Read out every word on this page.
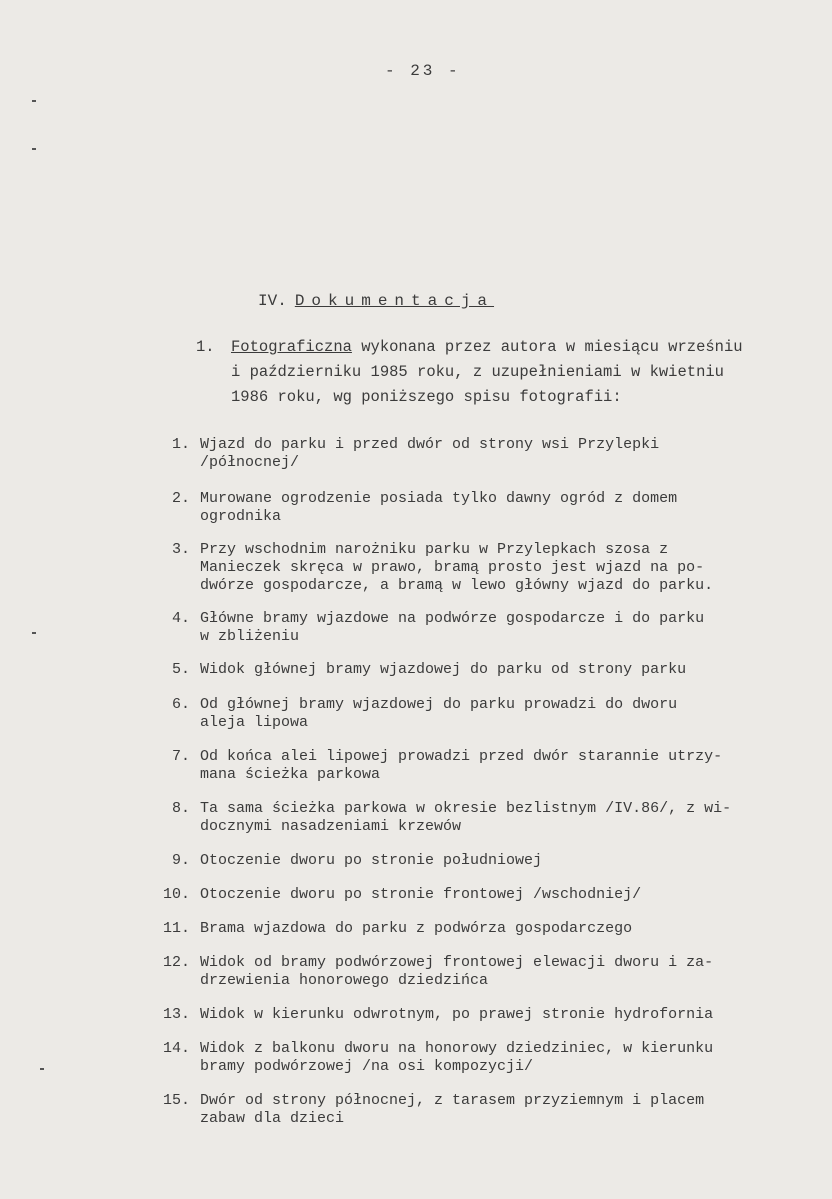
- 23 -
IV. Dokumentacja
1. Fotograficzna wykonana przez autora w miesiącu wrześniu
i październiku 1985 roku, z uzupełnieniami w kwietniu
1986 roku, wg poniższego spisu fotografii:
1. Wjazd do parku i przed dwór od strony wsi Przylepki
/północnej/
2. Murowane ogrodzenie posiada tylko dawny ogród z domem
ogrodnika
3. Przy wschodnim narożniku parku w Przylepkach szosa z
Manieczek skręca w prawo, bramą prosto jest wjazd na po-
dwórze gospodarcze, a bramą w lewo główny wjazd do parku.
4. Główne bramy wjazdowe na podwórze gospodarcze i do parku
w zbliżeniu
5. Widok głównej bramy wjazdowej do parku od strony parku
6. Od głównej bramy wjazdowej do parku prowadzi do dworu
aleja lipowa
7. Od końca alei lipowej prowadzi przed dwór starannie utrzy-
mana ścieżka parkowa
8. Ta sama ścieżka parkowa w okresie bezlistnym /IV.86/, z wi-
docznymi nasadzeniami krzewów
9. Otoczenie dworu po stronie południowej
10. Otoczenie dworu po stronie frontowej /wschodniej/
11. Brama wjazdowa do parku z podwórza gospodarczego
12. Widok od bramy podwórzowej frontowej elewacji dworu i za-
drzewienia honorowego dziedzińca
13. Widok w kierunku odwrotnym, po prawej stronie hydrofornia
14. Widok z balkonu dworu na honorowy dziedziniec, w kierunku
bramy podwórzowej /na osi kompozycji/
15. Dwór od strony północnej, z tarasem przyziemnym i placem
zabaw dla dzieci
